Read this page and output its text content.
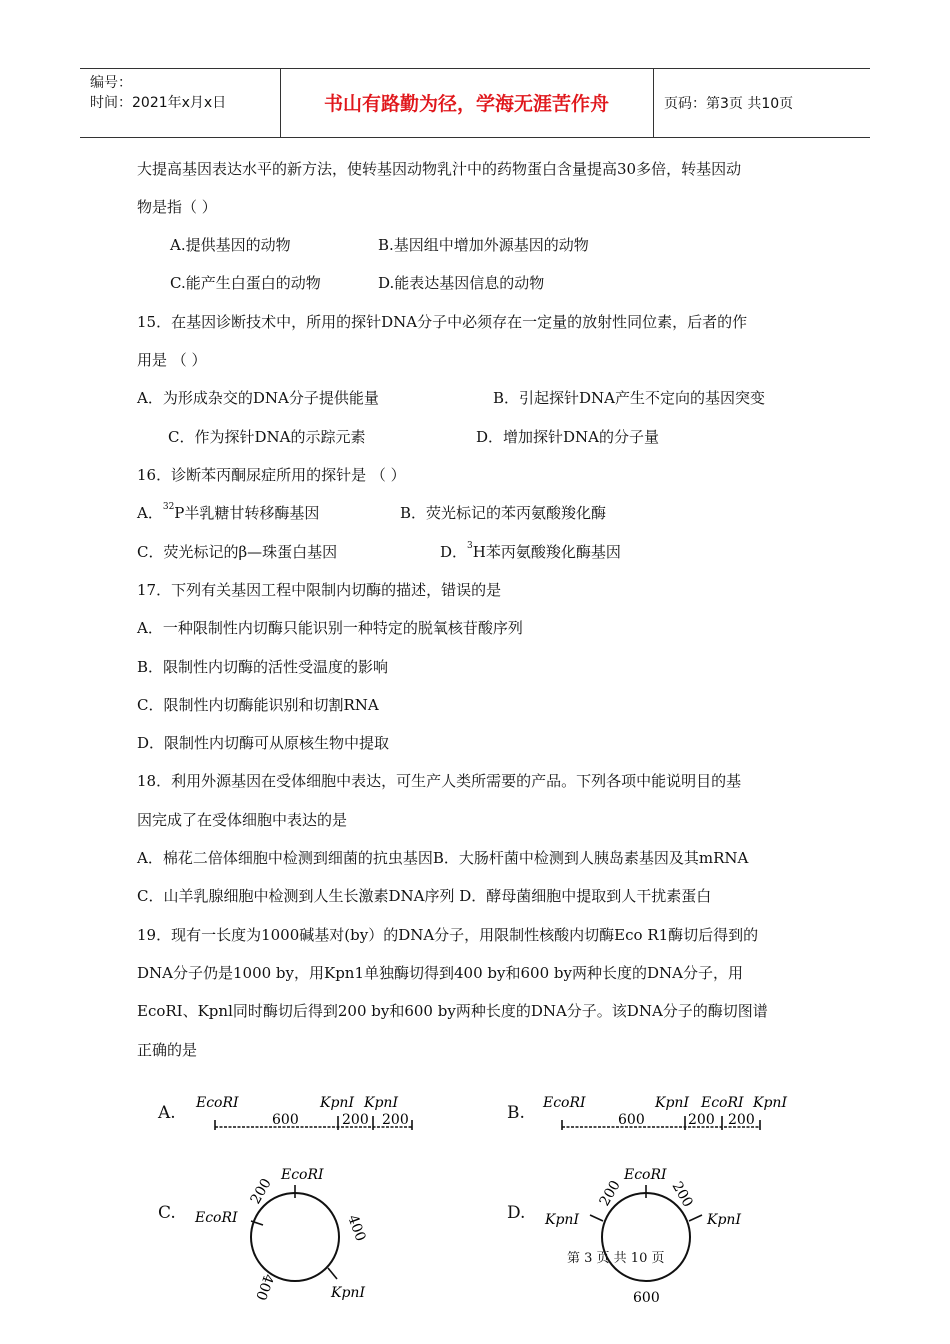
编号：
时间：2021年x月x日	书山有路勤为径，学海无涯苦作舟	页码：第3页 共10页
大提高基因表达水平的新方法，使转基因动物乳汁中的药物蛋白含量提高30多倍，转基因动
物是指（ ）
A.提供基因的动物	B.基因组中增加外源基因的动物
C.能产生白蛋白的动物	D.能表达基因信息的动物
15．在基因诊断技术中，所用的探针DNA分子中必须存在一定量的放射性同位素，后者的作
用是 （ ）
A．为形成杂交的DNA分子提供能量	B．引起探针DNA产生不定向的基因突变
C．作为探针DNA的示踪元素	D．增加探针DNA的分子量
16．诊断苯丙酮尿症所用的探针是 （ ）
A．$^{32}$P半乳糖甘转移酶基因	B．荧光标记的苯丙氨酸羧化酶
C．荧光标记的β—珠蛋白基因	D．$^3$H苯丙氨酸羧化酶基因
17．下列有关基因工程中限制内切酶的描述，错误的是
A．一种限制性内切酶只能识别一种特定的脱氧核苷酸序列
B．限制性内切酶的活性受温度的影响
C．限制性内切酶能识别和切割RNA
D．限制性内切酶可从原核生物中提取
18．利用外源基因在受体细胞中表达，可生产人类所需要的产品。下列各项中能说明目的基
因完成了在受体细胞中表达的是
A．棉花二倍体细胞中检测到细菌的抗虫基因B．大肠杆菌中检测到人胰岛素基因及其mRNA
C．山羊乳腺细胞中检测到人生长激素DNA序列 D．酵母菌细胞中提取到人干扰素蛋白
19．现有一长度为1000碱基对(by）的DNA分子，用限制性核酸内切酶Eco R1酶切后得到的
DNA分子仍是1000 by，用Kpn1单独酶切得到400 by和600 by两种长度的DNA分子，用
EcoRI、Kpnl同时酶切后得到200 by和600 by两种长度的DNA分子。该DNA分子的酶切图谱
正确的是
A.	B.
C.	D.
EcoRI	KpnI KpnI
600	200 200
EcoRI	KpnI EcoRI KpnI
600	200 200
EcoRI
EcoRI
KpnI
200
400
400
EcoRI
KpnI	KpnI
200	200
600
第 3 页 共 10 页
